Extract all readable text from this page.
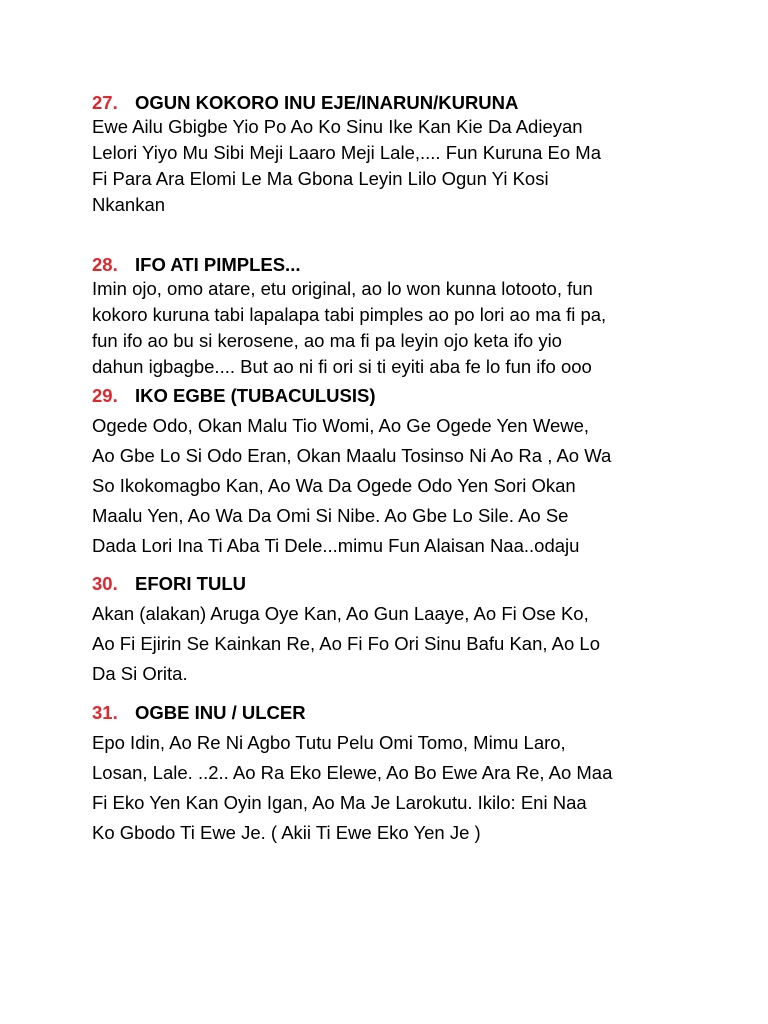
27. OGUN KOKORO INU EJE/INARUN/KURUNA
Ewe Ailu Gbigbe Yio Po Ao Ko Sinu Ike Kan Kie Da Adieyan
Lelori Yiyo Mu Sibi Meji Laaro Meji Lale,.... Fun Kuruna Eo Ma
Fi Para Ara Elomi Le Ma Gbona Leyin Lilo Ogun Yi Kosi
Nkankan
28. IFO ATI PIMPLES...
Imin ojo, omo atare, etu original, ao lo won kunna lotooto, fun
kokoro kuruna tabi lapalapa tabi pimples ao po lori ao ma fi pa,
fun ifo ao bu si kerosene, ao ma fi pa leyin ojo keta ifo yio
dahun igbagbe.... But ao ni fi ori si ti eyiti aba fe lo fun ifo ooo
29. IKO EGBE (TUBACULUSIS)
Ogede Odo, Okan Malu Tio Womi, Ao Ge Ogede Yen Wewe,
Ao Gbe Lo Si Odo Eran, Okan Maalu Tosinso Ni Ao Ra , Ao Wa
So Ikokomagbo Kan, Ao Wa Da Ogede Odo Yen Sori Okan
Maalu Yen, Ao Wa Da Omi Si Nibe. Ao Gbe Lo Sile. Ao Se
Dada Lori Ina Ti Aba Ti Dele...mimu Fun Alaisan Naa..odaju
30. EFORI TULU
Akan (alakan) Aruga Oye Kan, Ao Gun Laaye, Ao Fi Ose Ko,
Ao Fi Ejirin Se Kainkan Re, Ao Fi Fo Ori Sinu Bafu Kan, Ao Lo
Da Si Orita.
31. OGBE INU / ULCER
Epo Idin, Ao Re Ni Agbo Tutu Pelu Omi Tomo, Mimu Laro,
Losan, Lale. ..2.. Ao Ra Eko Elewe, Ao Bo Ewe Ara Re, Ao Maa
Fi Eko Yen Kan Oyin Igan, Ao Ma Je Larokutu. Ikilo: Eni Naa
Ko Gbodo Ti Ewe Je. ( Akii Ti Ewe Eko Yen Je )
